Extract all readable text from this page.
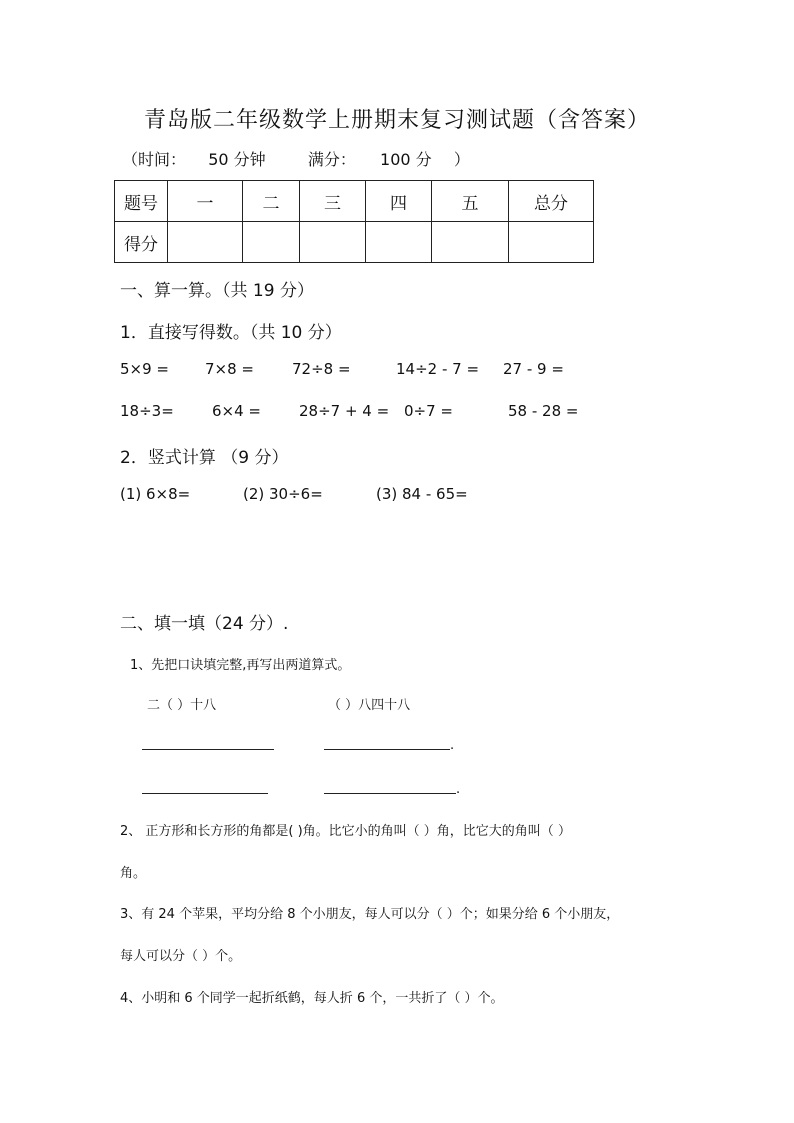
青岛版二年级数学上册期末复习测试题（含答案）
（时间： 50 分钟	满分： 100 分 ）
题号	一	二	三	四	五	总分
得分						
一、算一算。（共 19 分）
1．直接写得数。（共 10 分）
5×9 = 7×8 =	72÷8 =	14÷2 - 7 = 27 - 9 =
18÷3=	6×4 =	28÷7 + 4 = 0÷7 =	58 - 28 =
2．竖式计算 （9 分）
(1) 6×8=	(2) 30÷6=	(3) 84 - 65=
二、填一填（24 分）.
1、先把口诀填完整,再写出两道算式。
二（ ）十八	（ ）八四十八
.
.
2、 正方形和长方形的角都是( )角。比它小的角叫（ ）角，比它大的角叫（ ）
角。
3、有 24 个苹果，平均分给 8 个小朋友，每人可以分（ ）个；如果分给 6 个小朋友，
每人可以分（ ）个。
4、小明和 6 个同学一起折纸鹤，每人折 6 个，一共折了（ ）个。
